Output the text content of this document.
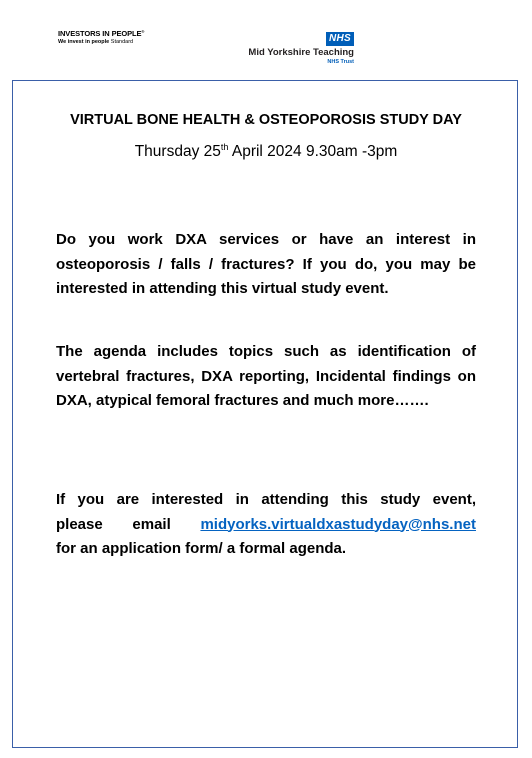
INVESTORS IN PEOPLE®
We invest in people Standard	NHS
Mid Yorkshire Teaching
NHS Trust
VIRTUAL BONE HEALTH & OSTEOPOROSIS STUDY DAY
Thursday 25th April 2024 9.30am -3pm

Do you work DXA services or have an interest in osteoporosis / falls / fractures? If you do, you may be interested in attending this virtual study event.

The agenda includes topics such as identification of vertebral fractures, DXA reporting, Incidental findings on DXA, atypical femoral fractures and much more…….

If you are interested in attending this study event,
please email midyorks.virtualdxastudyday@nhs.net
for an application form/ a formal agenda.
